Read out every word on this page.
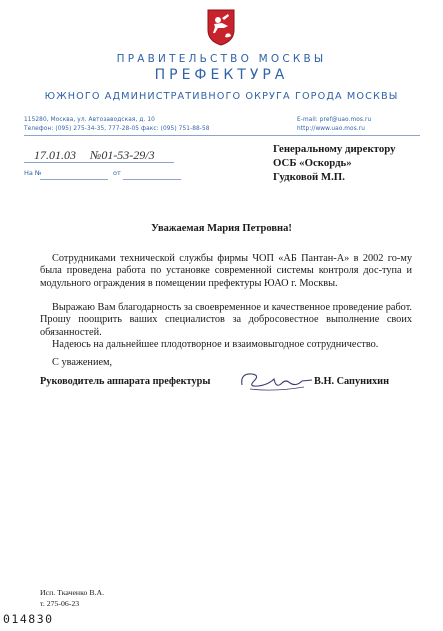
ПРАВИТЕЛЬСТВО МОСКВЫ
ПРЕФЕКТУРА
ЮЖНОГО АДМИНИСТРАТИВНОГО ОКРУГА ГОРОДА МОСКВЫ
115280, Москва, ул. Автозаводская, д. 10
Телефон: (095) 275-34-35, 777-28-05 факс: (095) 751-88-58
E-mail: pref@uao.mos.ru
http://www.uao.mos.ru
17.01.03 №01-53-29/3
На №	от
Генеральному директору
ОСБ «Оскордь»
Гудковой М.П.
Уважаемая Мария Петровна!
Сотрудниками технической службы фирмы ЧОП «АБ Пантан-А» в 2002 го-му была проведена работа по установке современной системы контроля дос-тупа и модульного ограждения в помещении префектуры ЮАО г. Москвы.
Выражаю Вам благодарность за своевременное и качественное проведение работ. Прошу поощрить ваших специалистов за добросовестное выполнение своих обязанностей.
Надеюсь на дальнейшее плодотворное и взаимовыгодное сотрудничество.
С уважением,
Руководитель аппарата префектуры	В.Н. Сапунихин
Исп. Ткаченко В.А.
т. 275-06-23
014830
